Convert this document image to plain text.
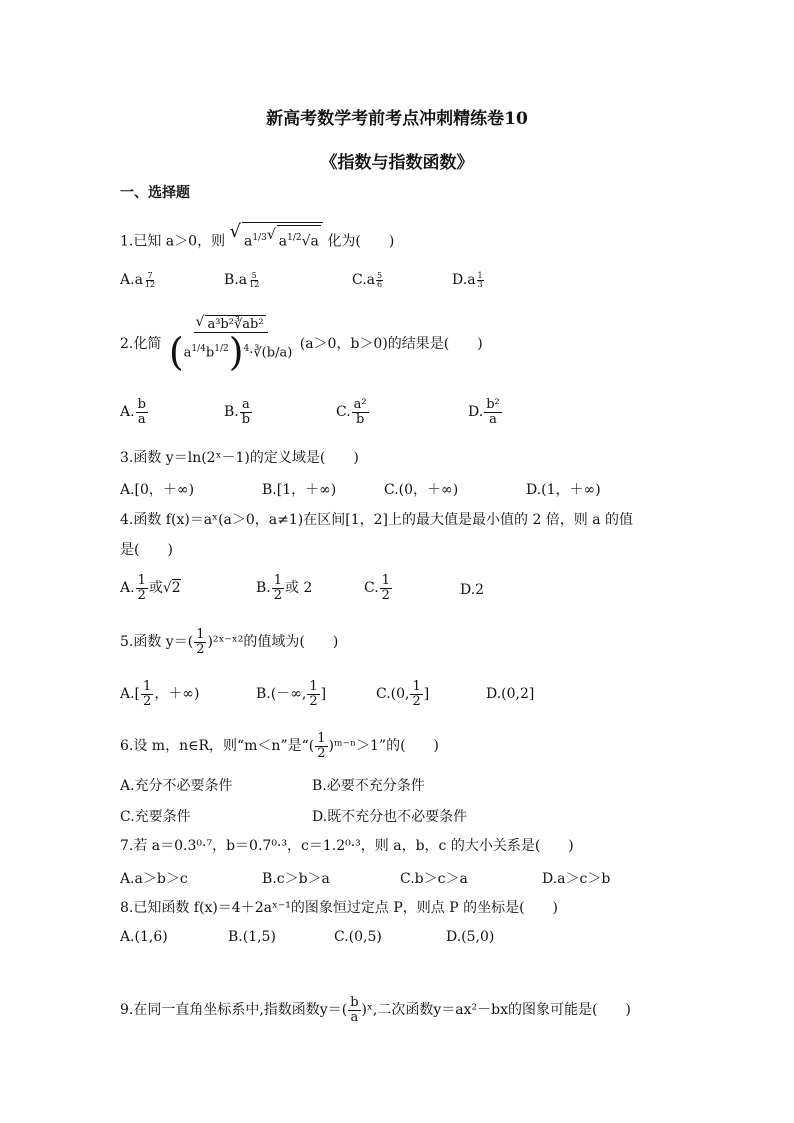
新高考数学考前考点冲刺精练卷10
《指数与指数函数》
一、选择题
1.已知 a＞0，则 √ $a^{1/3}√$ $a^{1/2}√a$ 化为(　　)
$A.a \frac{7}{12}$	$B.a \frac{5}{12}$	$C.a \frac{5}{6}$	$D.a \frac{1}{3}$
2.化简 $\frac{\text{√ a³b²∛ab²}}{(a^{1/4}b^{1/2})^4\cdot∛(b/a)} (a>0$，b＞0)的结果是(　　)
A. $\frac{b}{a}$	B. $\frac{a}{b}$	C. $\frac{\text{a²}}{b}$	D. $\frac{\text{b²}}{a}$
3.函数 y＝ln(2ˣ－1)的定义域是(　　)
A.[0，＋∞)	B.[1，＋∞)	C.(0，＋∞)	D.(1，＋∞)
4.函数 f(x)＝aˣ(a＞0，a≠1)在区间[1，2]上的最大值是最小值的 2 倍，则 a 的值
是(　　)
A. $\frac{1}{2}$ 或√2	B. $\frac{1}{2}$ 或 2	C. $\frac{1}{2}$	D.2
5.函数 $y=( \frac{1}{2}$ )²ˣ⁻ˣ²的值域为(　　)
$A.[ \frac{1}{2}$ ，＋∞)	B.(－∞, $\frac{1}{2}$ ]	C.(0, $\frac{1}{2}$ ]	D.(0,2]
6.设 m，n∈R，则“m＜n”是“( $\frac{1}{2}$ )ᵐ⁻ⁿ＞1”的(　　)
A.充分不必要条件	B.必要不充分条件
C.充要条件	D.既不充分也不必要条件
7.若 a＝0.3⁰·⁷，b＝0.7⁰·³，c＝1.2⁰·³，则 a，b，c 的大小关系是(　　)
A.a＞b＞c	B.c＞b＞a	C.b＞c＞a	D.a＞c＞b
8.已知函数 f(x)＝4＋2aˣ⁻¹的图象恒过定点 P，则点 P 的坐标是(　　)
A.(1,6)	B.(1,5)	C.(0,5)	D.(5,0)
9.在同一直角坐标系中,指数函数$y=( \frac{b}{a}$ )ˣ,二次函数y＝ax²－bx的图象可能是(　　)
